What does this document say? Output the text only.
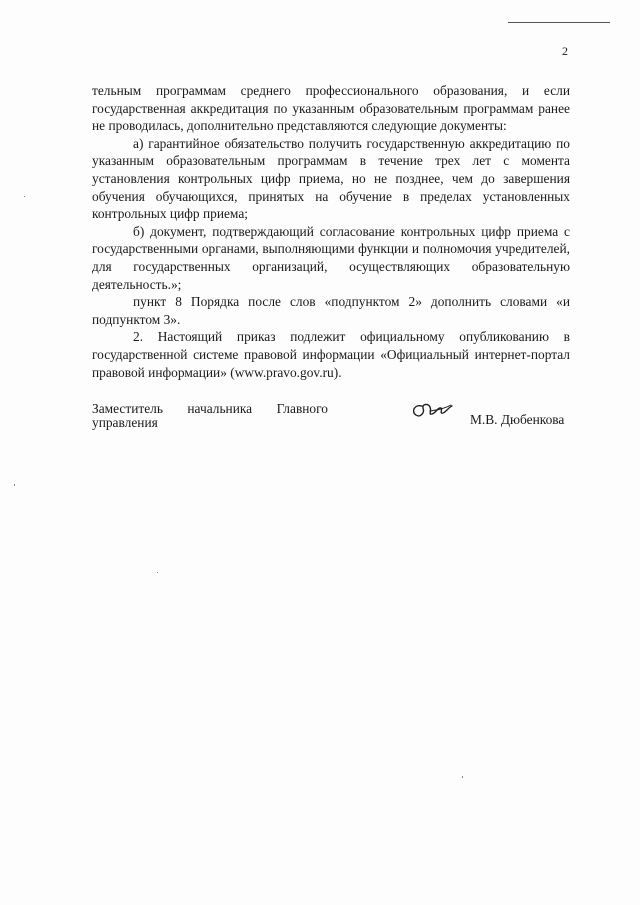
2

тельным программам среднего профессионального образования, и если государственная аккредитация по указанным образовательным программам ранее не проводилась, дополнительно представляются следующие документы:

а) гарантийное обязательство получить государственную аккредитацию по указанным образовательным программам в течение трех лет с момента установления контрольных цифр приема, но не позднее, чем до завершения обучения обучающихся, принятых на обучение в пределах установленных контрольных цифр приема;

б) документ, подтверждающий согласование контрольных цифр приема с государственными органами, выполняющими функции и полномочия учредителей, для государственных организаций, осуществляющих образовательную деятельность.»;

пункт 8 Порядка после слов «подпунктом 2» дополнить словами «и подпунктом 3».

2. Настоящий приказ подлежит официальному опубликованию в государственной системе правовой информации «Официальный интернет-портал правовой информации» (www.pravo.gov.ru).

Заместитель начальника Главного
управления	М.В. Дюбенкова
